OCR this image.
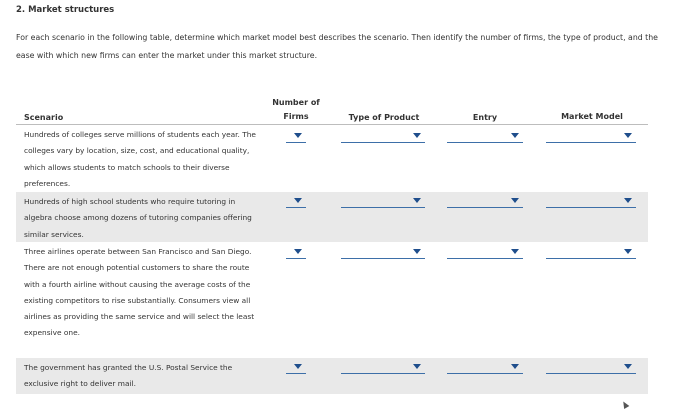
2. Market structures
For each scenario in the following table, determine which market model best describes the scenario. Then identify the number of firms, the type of product, and the ease with which new firms can enter the market under this market structure.
Scenario
Number of
Firms	Type of Product	Entry	Market Model
Hundreds of colleges serve millions of students each year. The colleges vary by location, size, cost, and educational quality, which allows students to match schools to their diverse preferences.
Hundreds of high school students who require tutoring in algebra choose among dozens of tutoring companies offering similar services.
Three airlines operate between San Francisco and San Diego. There are not enough potential customers to share the route with a fourth airline without causing the average costs of the existing competitors to rise substantially. Consumers view all airlines as providing the same service and will select the least expensive one.
The government has granted the U.S. Postal Service the exclusive right to deliver mail.
